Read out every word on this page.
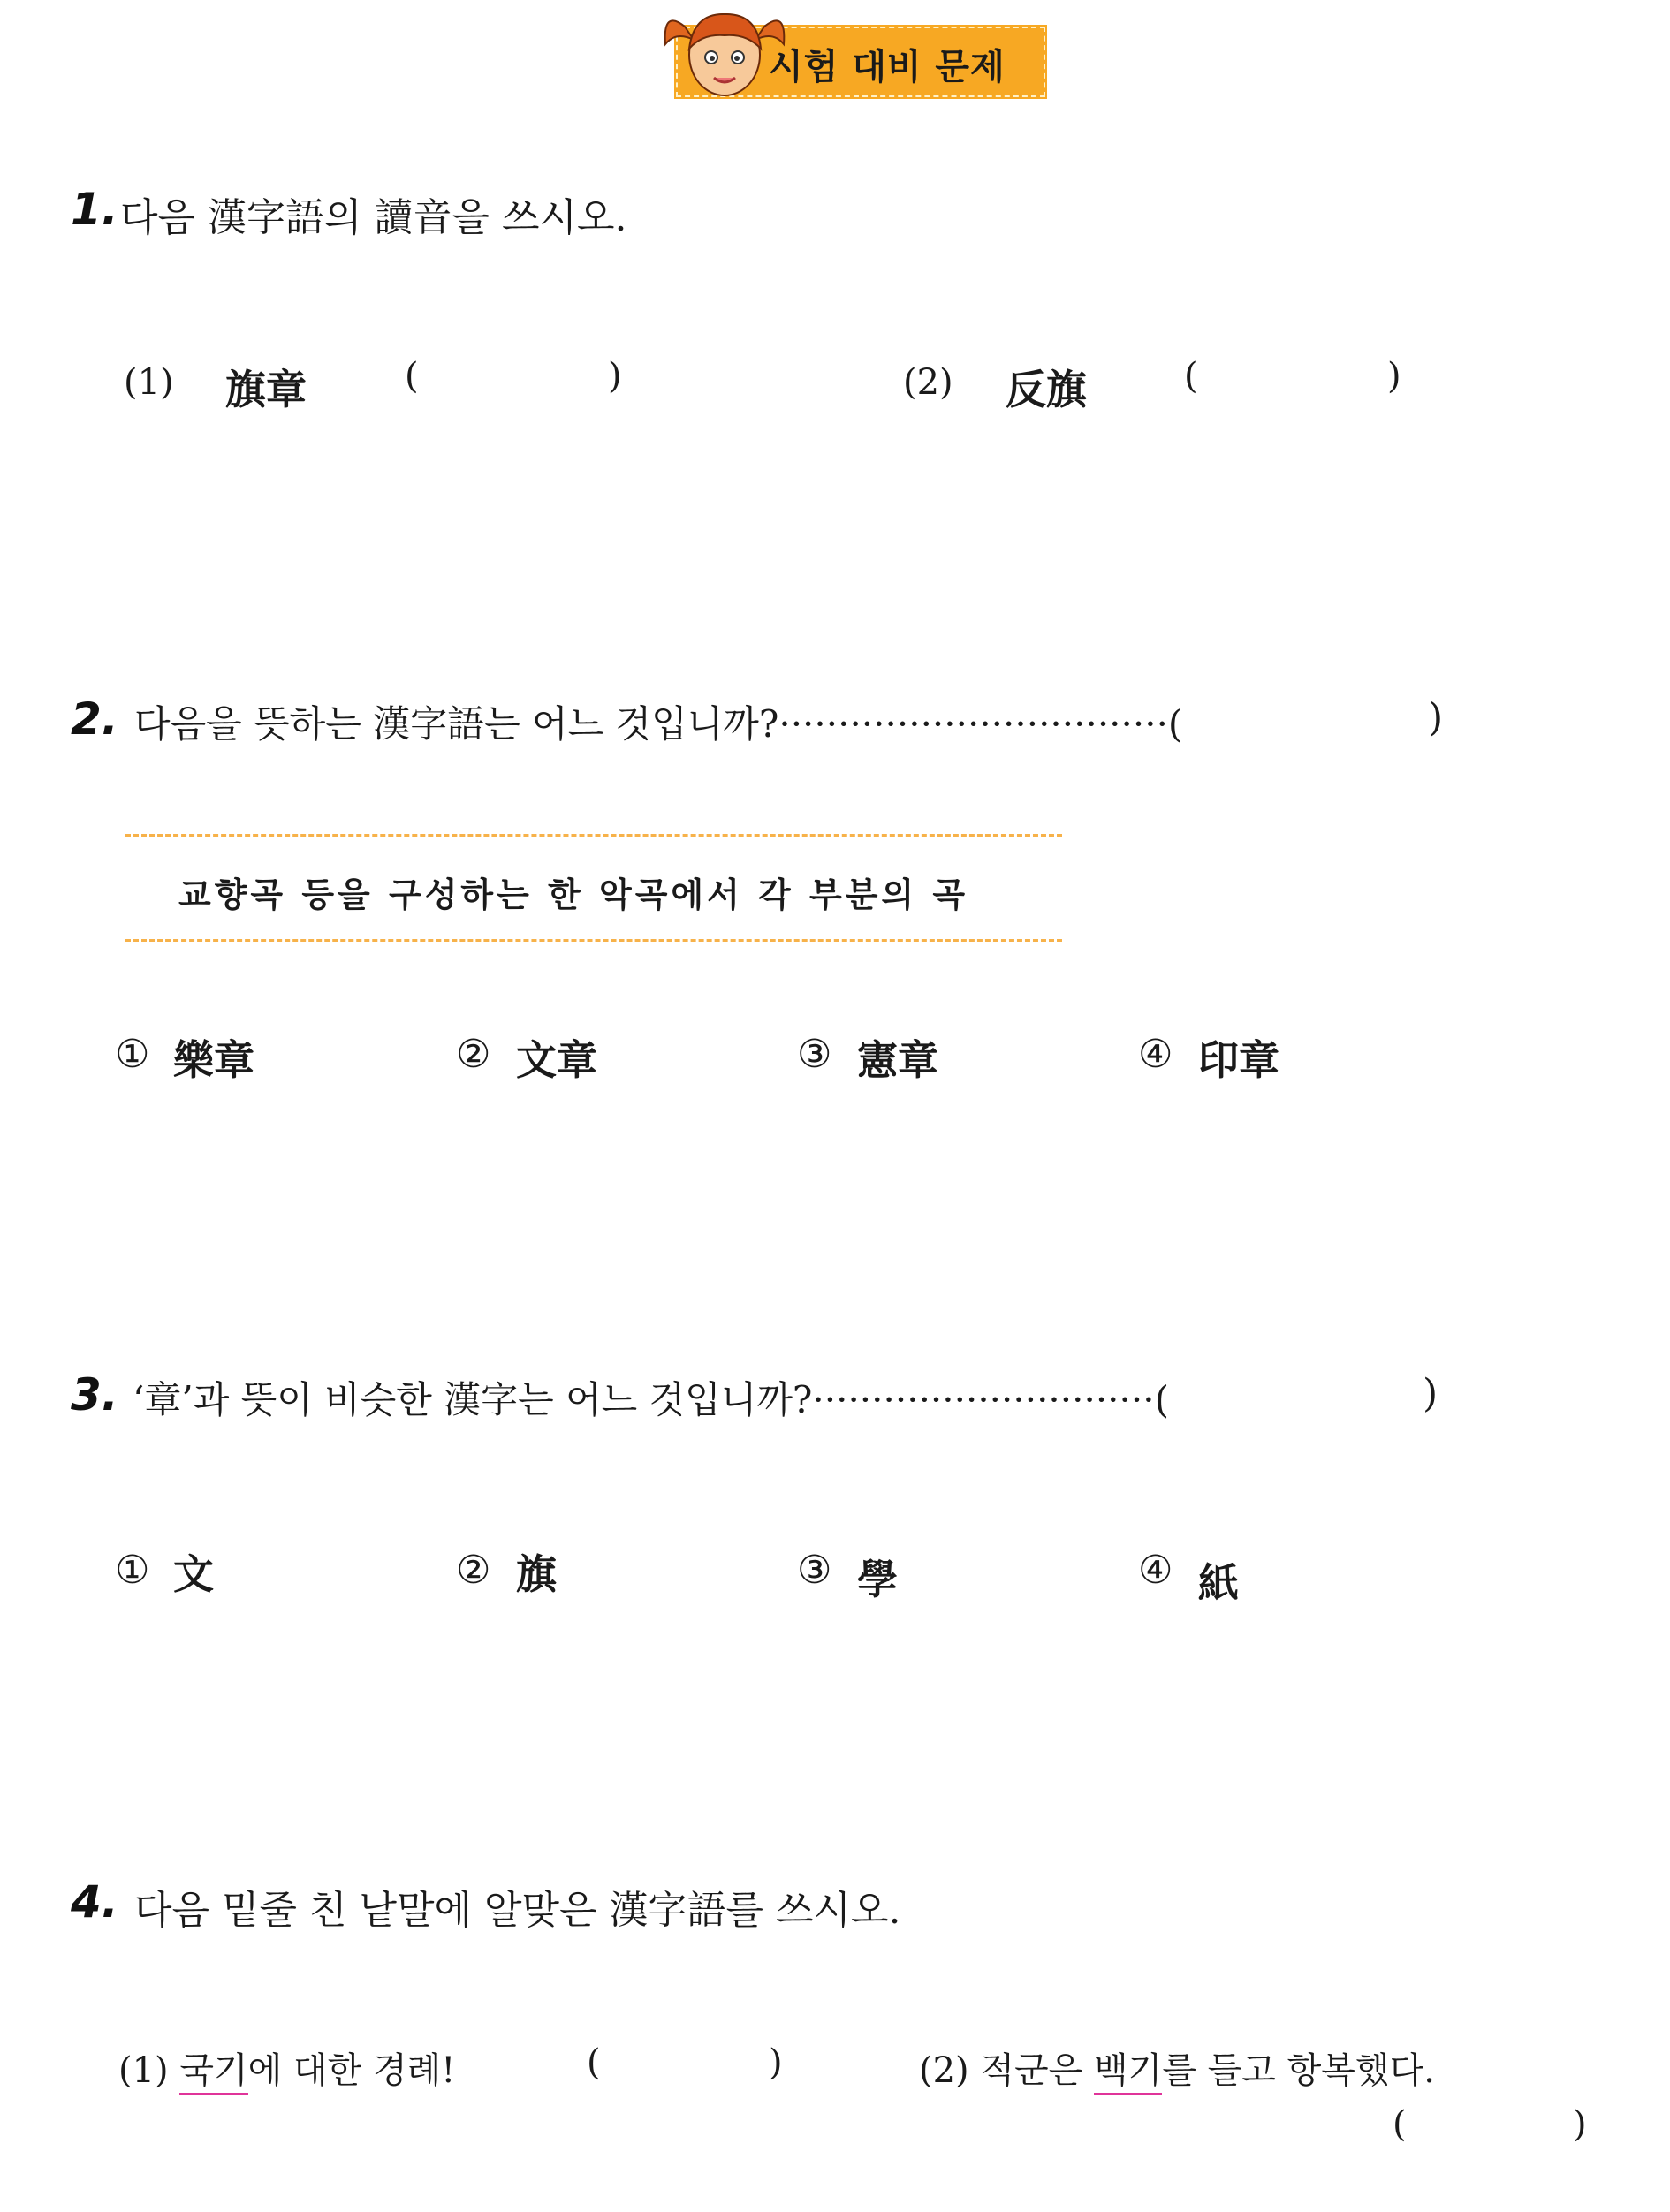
시험 대비 문제
1. 다음 漢字語의 讀音을 쓰시오.
(1) 旗章	(	)	(2) 反旗	(	)
2. 다음을 뜻하는 漢字語는 어느 것입니까?·································(	)
교향곡 등을 구성하는 한 악곡에서 각 부분의 곡
① 樂章	② 文章	③ 憲章	④ 印章
3. ‘章’과 뜻이 비슷한 漢字는 어느 것입니까?·····························(	)
① 文	② 旗	③ 學	④ 紙
4. 다음 밑줄 친 낱말에 알맞은 漢字語를 쓰시오.
(1) 국기에 대한 경례!	(	)	(2) 적군은 백기를 들고 항복했다.
(	)
